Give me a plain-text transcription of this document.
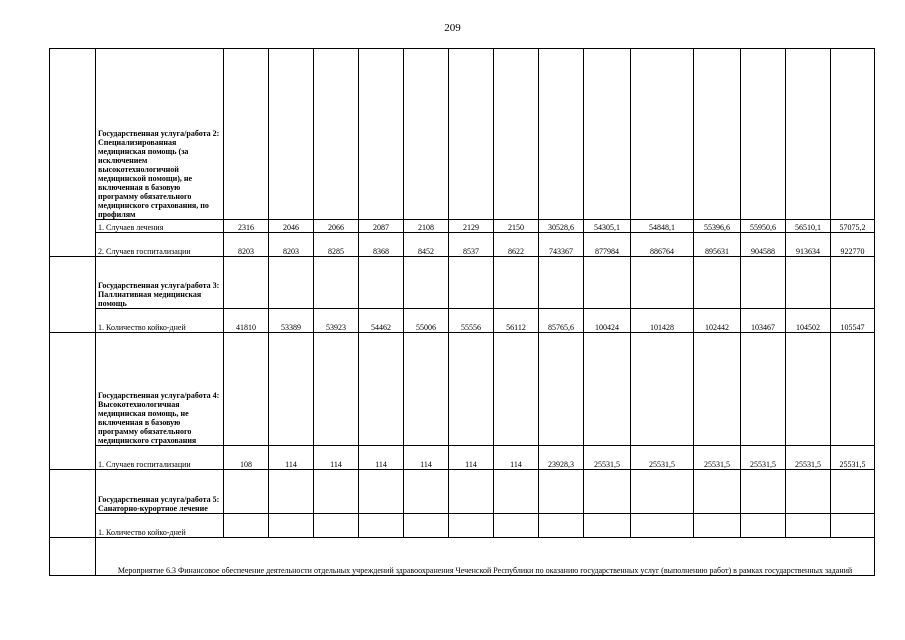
209
	Государственная услуга/работа 2: Специализированная медицинская помощь (за исключением высокотехнологичной медицинской помощи), не включенная в базовую программу обязательного медицинского страхования, по профилям														
	1. Случаев лечения	2316	2046	2066	2087	2108	2129	2150	30528,6	54305,1	54848,1	55396,6	55950,6	56510,1	57075,2
	2. Случаев госпитализации	8203	8203	8285	8368	8452	8537	8622	743367	877984	886764	895631	904588	913634	922770
	Государственная услуга/работа 3: Паллиативная медицинская помощь														
	1. Количество койко-дней	41810	53389	53923	54462	55006	55556	56112	85765,6	100424	101428	102442	103467	104502	105547
	Государственная услуга/работа 4: Высокотехнологичная медицинская помощь, не включенная в базовую программу обязательного медицинского страхования														
	1. Случаев госпитализации	108	114	114	114	114	114	114	23928,3	25531,5	25531,5	25531,5	25531,5	25531,5	25531,5
	Государственная услуга/работа 5: Санаторно-курортное лечение														
	1. Количество койко-дней														
	Мероприятие 6.3 Финансовое обеспечение деятельности отдельных учреждений здравоохранения Чеченской Республики по оказанию государственных услуг (выполнению работ) в рамках государственных заданий														
